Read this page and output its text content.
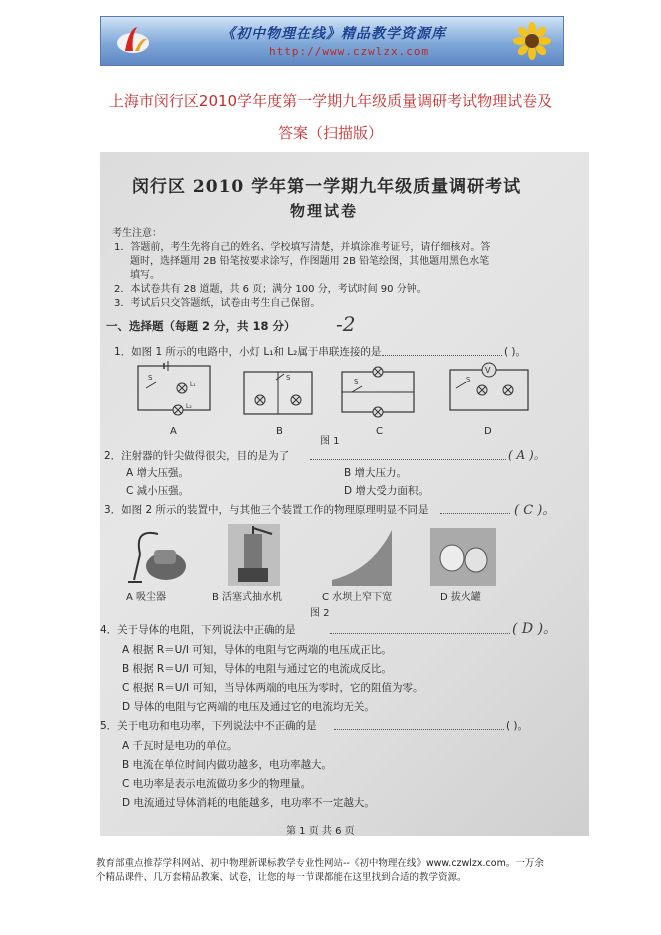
《初中物理在线》精品教学资源库
http://www.czwlzx.com
上海市闵行区2010学年度第一学期九年级质量调研考试物理试卷及
答案（扫描版）
闵行区 2010 学年第一学期九年级质量调研考试
物理试卷
考生注意：
1．答题前，考生先将自己的姓名、学校填写清楚，并填涂准考证号，请仔细核对。答
题时，选择题用 2B 铅笔按要求涂写，作图题用 2B 铅笔绘图，其他题用黑色水笔
填写。
2．本试卷共有 28 道题，共 6 页；满分 100 分，考试时间 90 分钟。
3．考试后只交答题纸，试卷由考生自己保留。
一、选择题（每题 2 分，共 18 分） -2
1．如图 1 所示的电路中，小灯 L₁和 L₂属于串联连接的是	( )。
S
L₁
L₂
A
S
B
S
C
V
S
D
图 1
2．注射器的针尖做得很尖，目的是为了	( A )。
A 增大压强。	B 增大压力。
C 减小压强。	D 增大受力面积。
3．如图 2 所示的装置中，与其他三个装置工作的物理原理明显不同是	( C )。
A 吸尘器	B 活塞式抽水机	C 水坝上窄下宽	D 拔火罐
图 2
4．关于导体的电阻，下列说法中正确的是	( D )。
A 根据 R＝U/I 可知，导体的电阻与它两端的电压成正比。
B 根据 R＝U/I 可知，导体的电阻与通过它的电流成反比。
C 根据 R＝U/I 可知，当导体两端的电压为零时，它的阻值为零。
D 导体的电阻与它两端的电压及通过它的电流均无关。
5．关于电功和电功率，下列说法中不正确的是	( )。
A 千瓦时是电功的单位。
B 电流在单位时间内做功越多，电功率越大。
C 电功率是表示电流做功多少的物理量。
D 电流通过导体消耗的电能越多，电功率不一定越大。
第 1 页 共 6 页
教育部重点推荐学科网站、初中物理新课标教学专业性网站--《初中物理在线》www.czwlzx.com。一万余
个精品课件、几万套精品教案、试卷，让您的每一节课都能在这里找到合适的教学资源。
